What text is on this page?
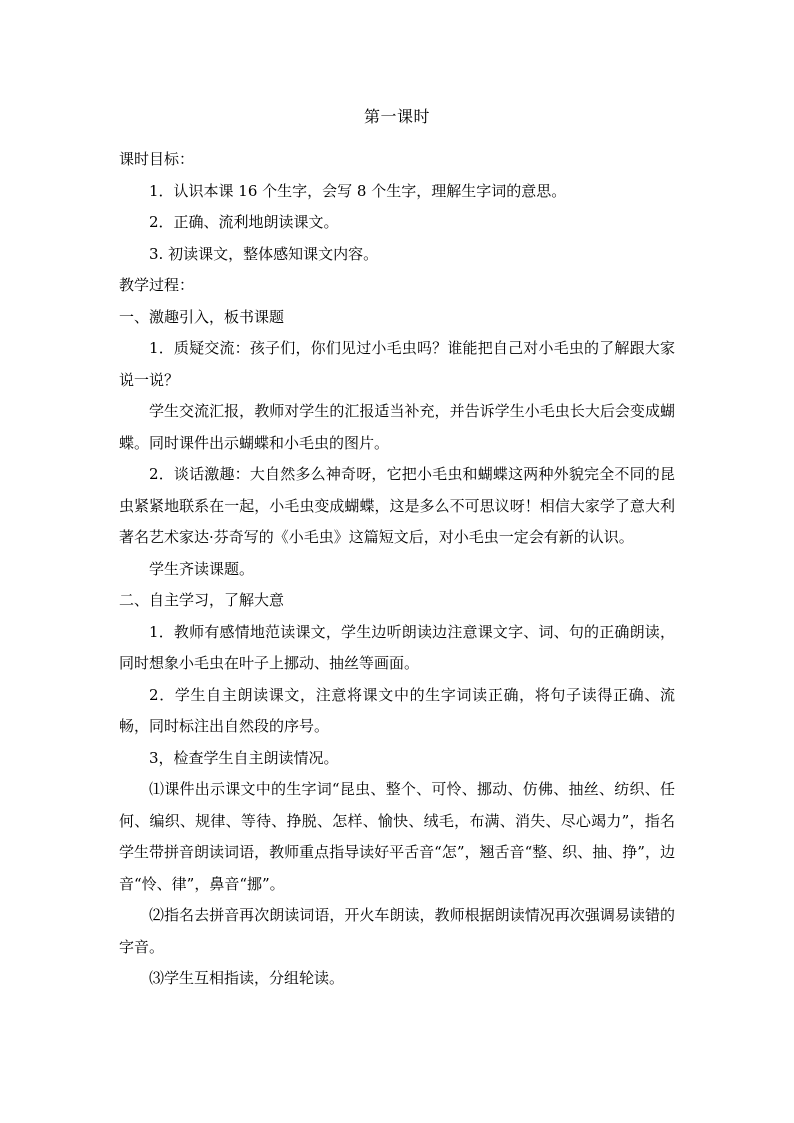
第一课时

课时目标：

1．认识本课 16 个生字，会写 8 个生字，理解生字词的意思。

2．正确、流利地朗读课文。

3. 初读课文，整体感知课文内容。

教学过程：

一、激趣引入，板书课题

1．质疑交流：孩子们，你们见过小毛虫吗？谁能把自己对小毛虫的了解跟大家说一说？

学生交流汇报，教师对学生的汇报适当补充，并告诉学生小毛虫长大后会变成蝴蝶。同时课件出示蝴蝶和小毛虫的图片。

2．谈话激趣：大自然多么神奇呀，它把小毛虫和蝴蝶这两种外貌完全不同的昆虫紧紧地联系在一起，小毛虫变成蝴蝶，这是多么不可思议呀！相信大家学了意大利著名艺术家达·芬奇写的《小毛虫》这篇短文后，对小毛虫一定会有新的认识。

学生齐读课题。

二、自主学习，了解大意

1．教师有感情地范读课文，学生边听朗读边注意课文字、词、句的正确朗读，同时想象小毛虫在叶子上挪动、抽丝等画面。

2．学生自主朗读课文，注意将课文中的生字词读正确，将句子读得正确、流畅，同时标注出自然段的序号。

3，检查学生自主朗读情况。

⑴课件出示课文中的生字词“昆虫、整个、可怜、挪动、仿佛、抽丝、纺织、任何、编织、规律、等待、挣脱、怎样、愉快、绒毛，布满、消失、尽心竭力”，指名学生带拼音朗读词语，教师重点指导读好平舌音“怎”，翘舌音“整、织、抽、挣”，边音“怜、律”，鼻音“挪”。

⑵指名去拼音再次朗读词语，开火车朗读，教师根据朗读情况再次强调易读错的字音。

⑶学生互相指读，分组轮读。
